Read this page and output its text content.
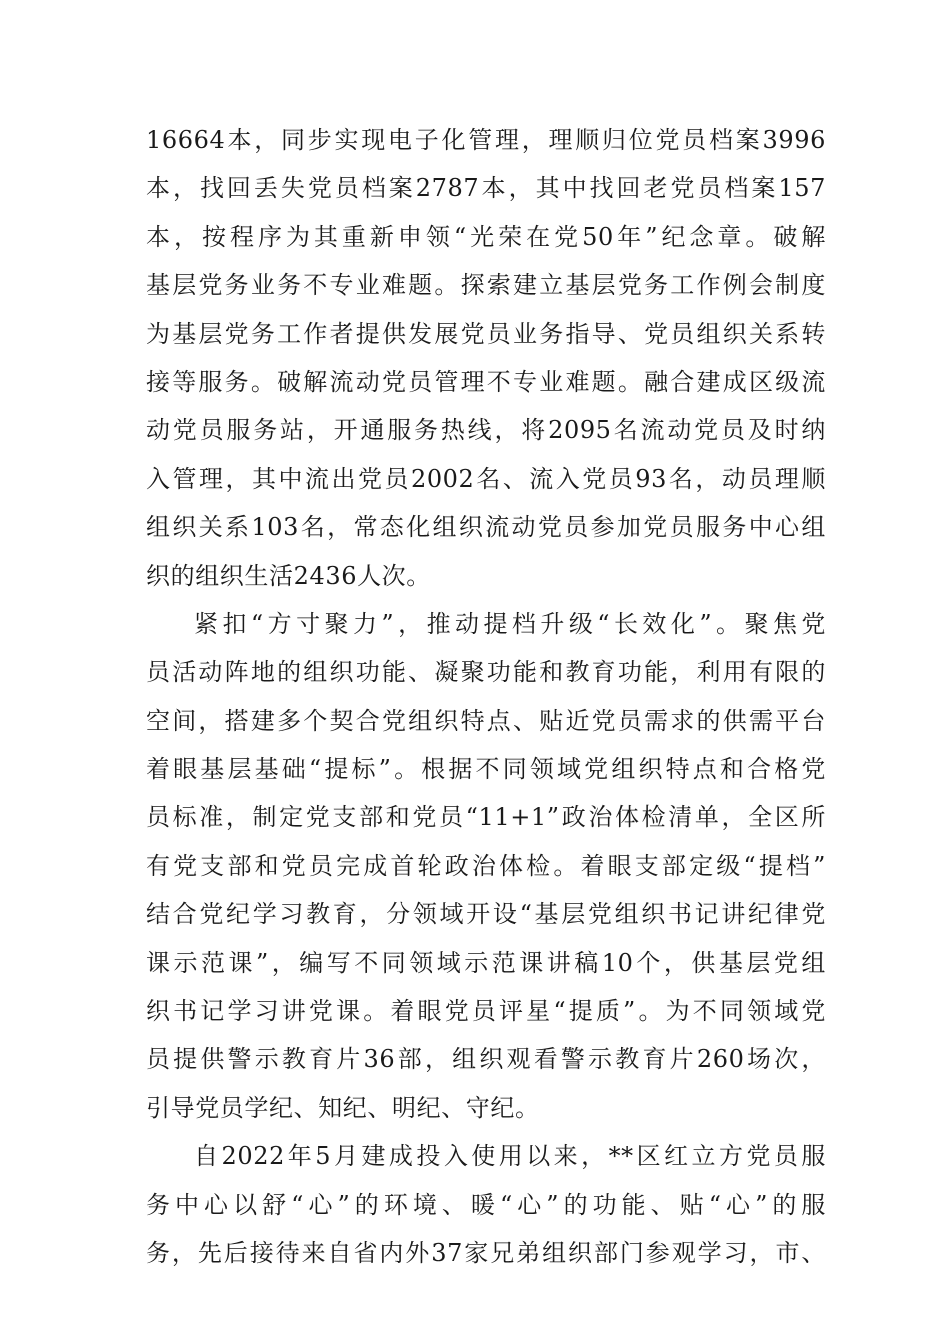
16664本，同步实现电子化管理，理顺归位党员档案3996
本，找回丢失党员档案2787本，其中找回老党员档案157
本，按程序为其重新申领“光荣在党50年”纪念章。破解
基层党务业务不专业难题。探索建立基层党务工作例会制度
为基层党务工作者提供发展党员业务指导、党员组织关系转
接等服务。破解流动党员管理不专业难题。融合建成区级流
动党员服务站，开通服务热线，将2095名流动党员及时纳
入管理，其中流出党员2002名、流入党员93名，动员理顺
组织关系103名，常态化组织流动党员参加党员服务中心组
织的组织生活2436人次。
紧扣“方寸聚力”，推动提档升级“长效化”。聚焦党
员活动阵地的组织功能、凝聚功能和教育功能，利用有限的
空间，搭建多个契合党组织特点、贴近党员需求的供需平台
着眼基层基础“提标”。根据不同领域党组织特点和合格党
员标准，制定党支部和党员“11+1”政治体检清单，全区所
有党支部和党员完成首轮政治体检。着眼支部定级“提档”
结合党纪学习教育，分领域开设“基层党组织书记讲纪律党
课示范课”，编写不同领域示范课讲稿10个，供基层党组
织书记学习讲党课。着眼党员评星“提质”。为不同领域党
员提供警示教育片36部，组织观看警示教育片260场次，
引导党员学纪、知纪、明纪、守纪。
自2022年5月建成投入使用以来，**区红立方党员服
务中心以舒“心”的环境、暖“心”的功能、贴“心”的服
务，先后接待来自省内外37家兄弟组织部门参观学习，市、
